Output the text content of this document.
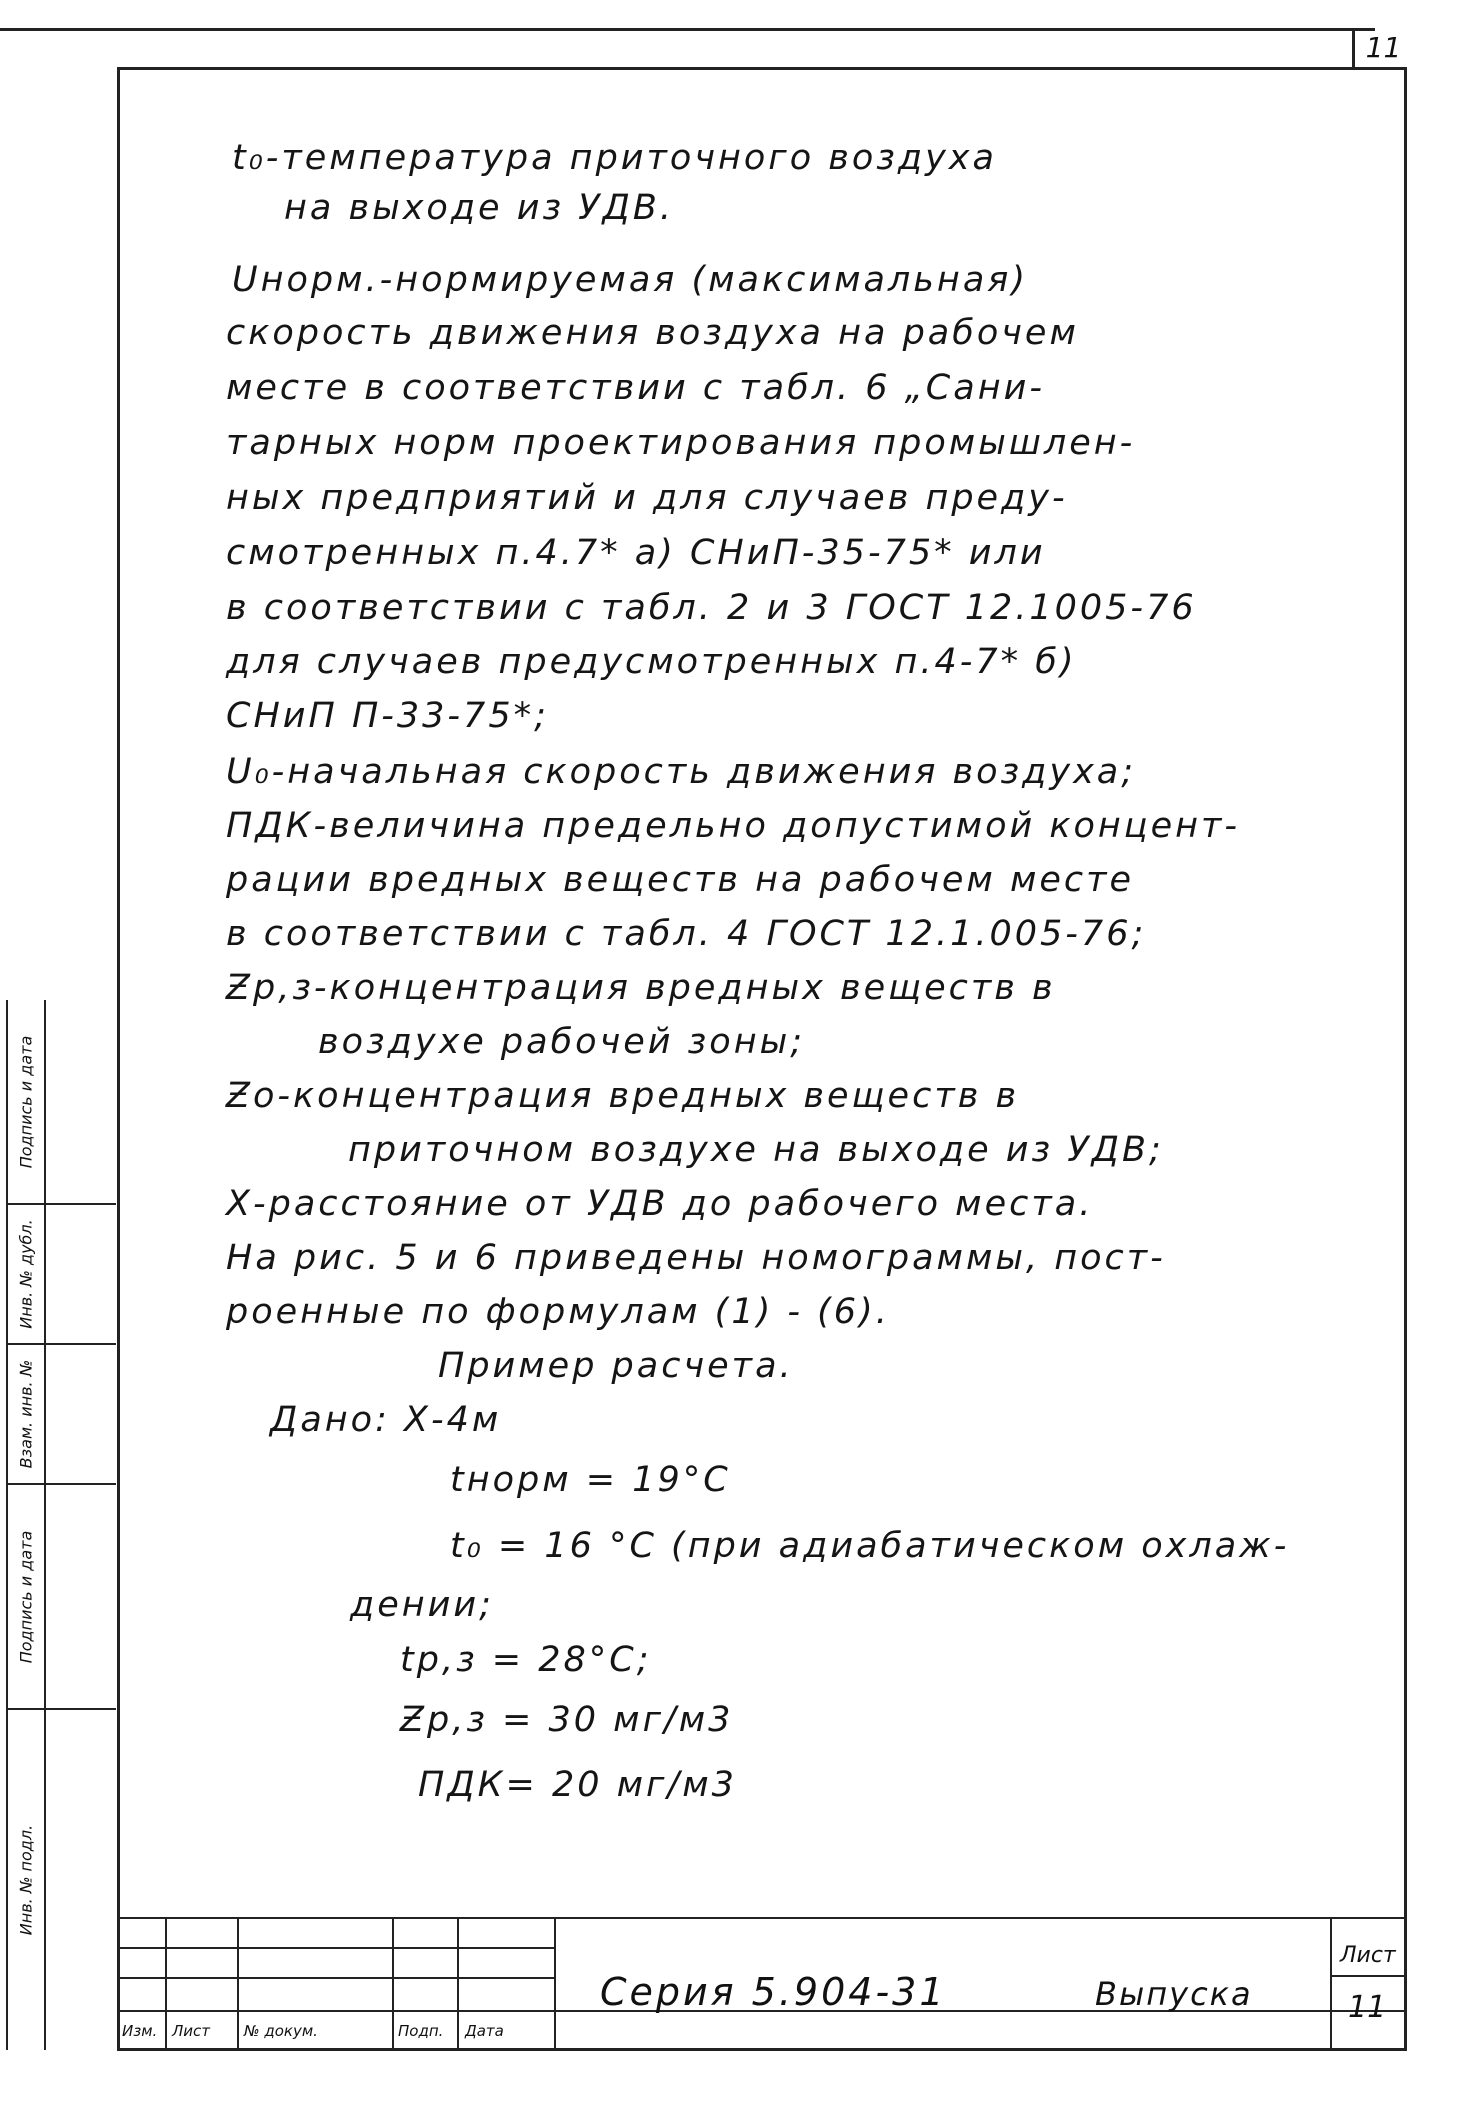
11
t₀-температура приточного воздуха
на выходе из УДВ.
Uнорм.-нормируемая (максимальная)
скорость движения воздуха на рабочем
месте в соответствии с табл. 6 „Сани-
тарных норм проектирования промышлен-
ных предприятий и для случаев преду-
смотренных п.4.7* а) СНиП-35-75* или
в соответствии с табл. 2 и 3 ГОСТ 12.1005-76
для случаев предусмотренных п.4-7* б)
СНиП П-33-75*;
U₀-начальная скорость движения воздуха;
ПДК-величина предельно допустимой концент-
рации вредных веществ на рабочем месте
в соответствии с табл. 4 ГОСТ 12.1.005-76;
Ƶр,з-концентрация вредных веществ в
воздухе рабочей зоны;
Ƶо-концентрация вредных веществ в
приточном воздухе на выходе из УДВ;
Х-расстояние от УДВ до рабочего места.
На рис. 5 и 6 приведены номограммы, пост-
роенные по формулам (1) - (6).
Пример расчета.
Дано: Х-4м
tнорм = 19°С
t₀ = 16 °С (при адиабатическом охлаж-
дении;
tр,з = 28°С;
Ƶр,з = 30 мг/м3
ПДК= 20 мг/м3
Подпись и дата
Инв. № дубл.
Взам. инв. №
Подпись и дата
Инв. № подл.
Изм. Лист № докум.	Подп. Дата
Серия 5.904-31	Выпуска
Лист
11
